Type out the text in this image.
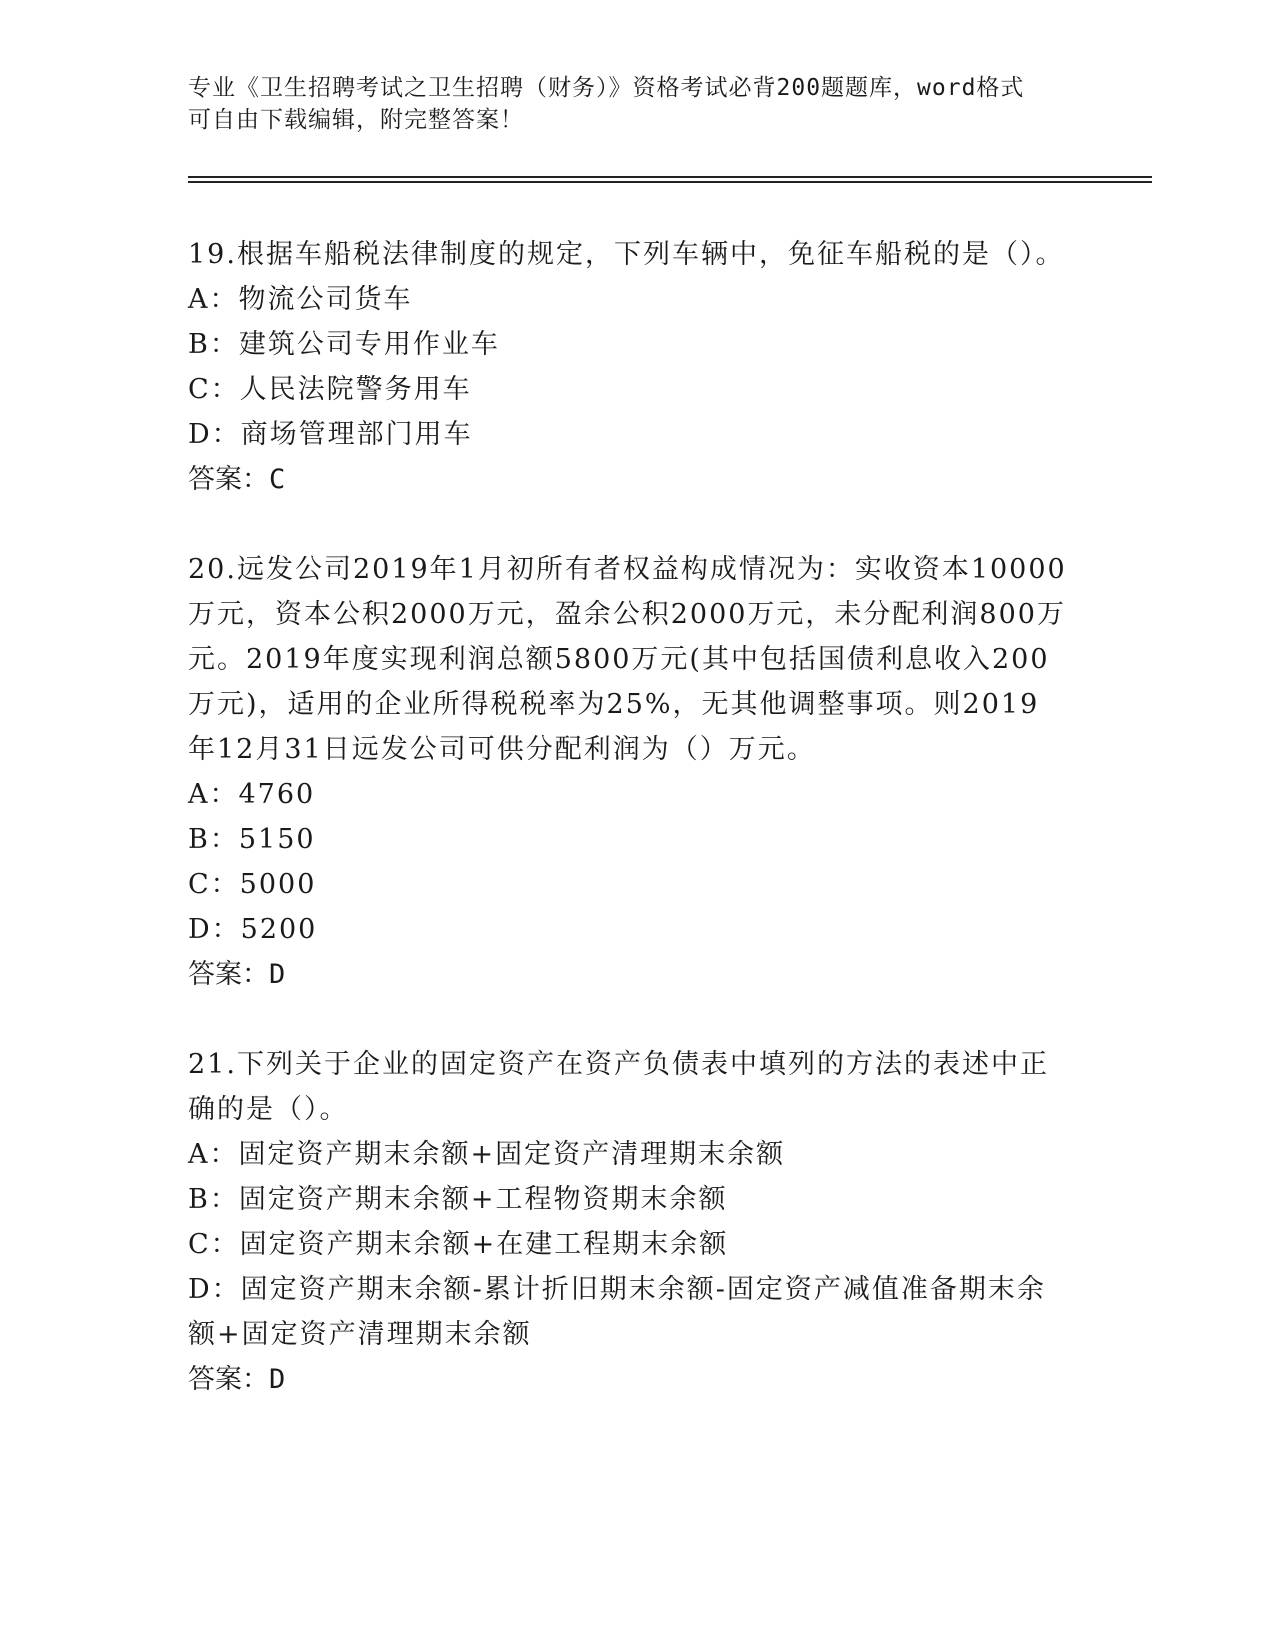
专业《卫生招聘考试之卫生招聘（财务）》资格考试必背200题题库，word格式
可自由下载编辑，附完整答案！
19.根据车船税法律制度的规定，下列车辆中，免征车船税的是（）。
A：物流公司货车
B：建筑公司专用作业车
C：人民法院警务用车
D：商场管理部门用车
答案：C
20.远发公司2019年1月初所有者权益构成情况为：实收资本10000万元，资本公积2000万元，盈余公积2000万元，未分配利润800万元。2019年度实现利润总额5800万元(其中包括国债利息收入200万元)，适用的企业所得税税率为25%，无其他调整事项。则2019年12月31日远发公司可供分配利润为（）万元。
A：4760
B：5150
C：5000
D：5200
答案：D
21.下列关于企业的固定资产在资产负债表中填列的方法的表述中正确的是（）。
A：固定资产期末余额+固定资产清理期末余额
B：固定资产期末余额+工程物资期末余额
C：固定资产期末余额+在建工程期末余额
D：固定资产期末余额-累计折旧期末余额-固定资产减值准备期末余额+固定资产清理期末余额
答案：D
